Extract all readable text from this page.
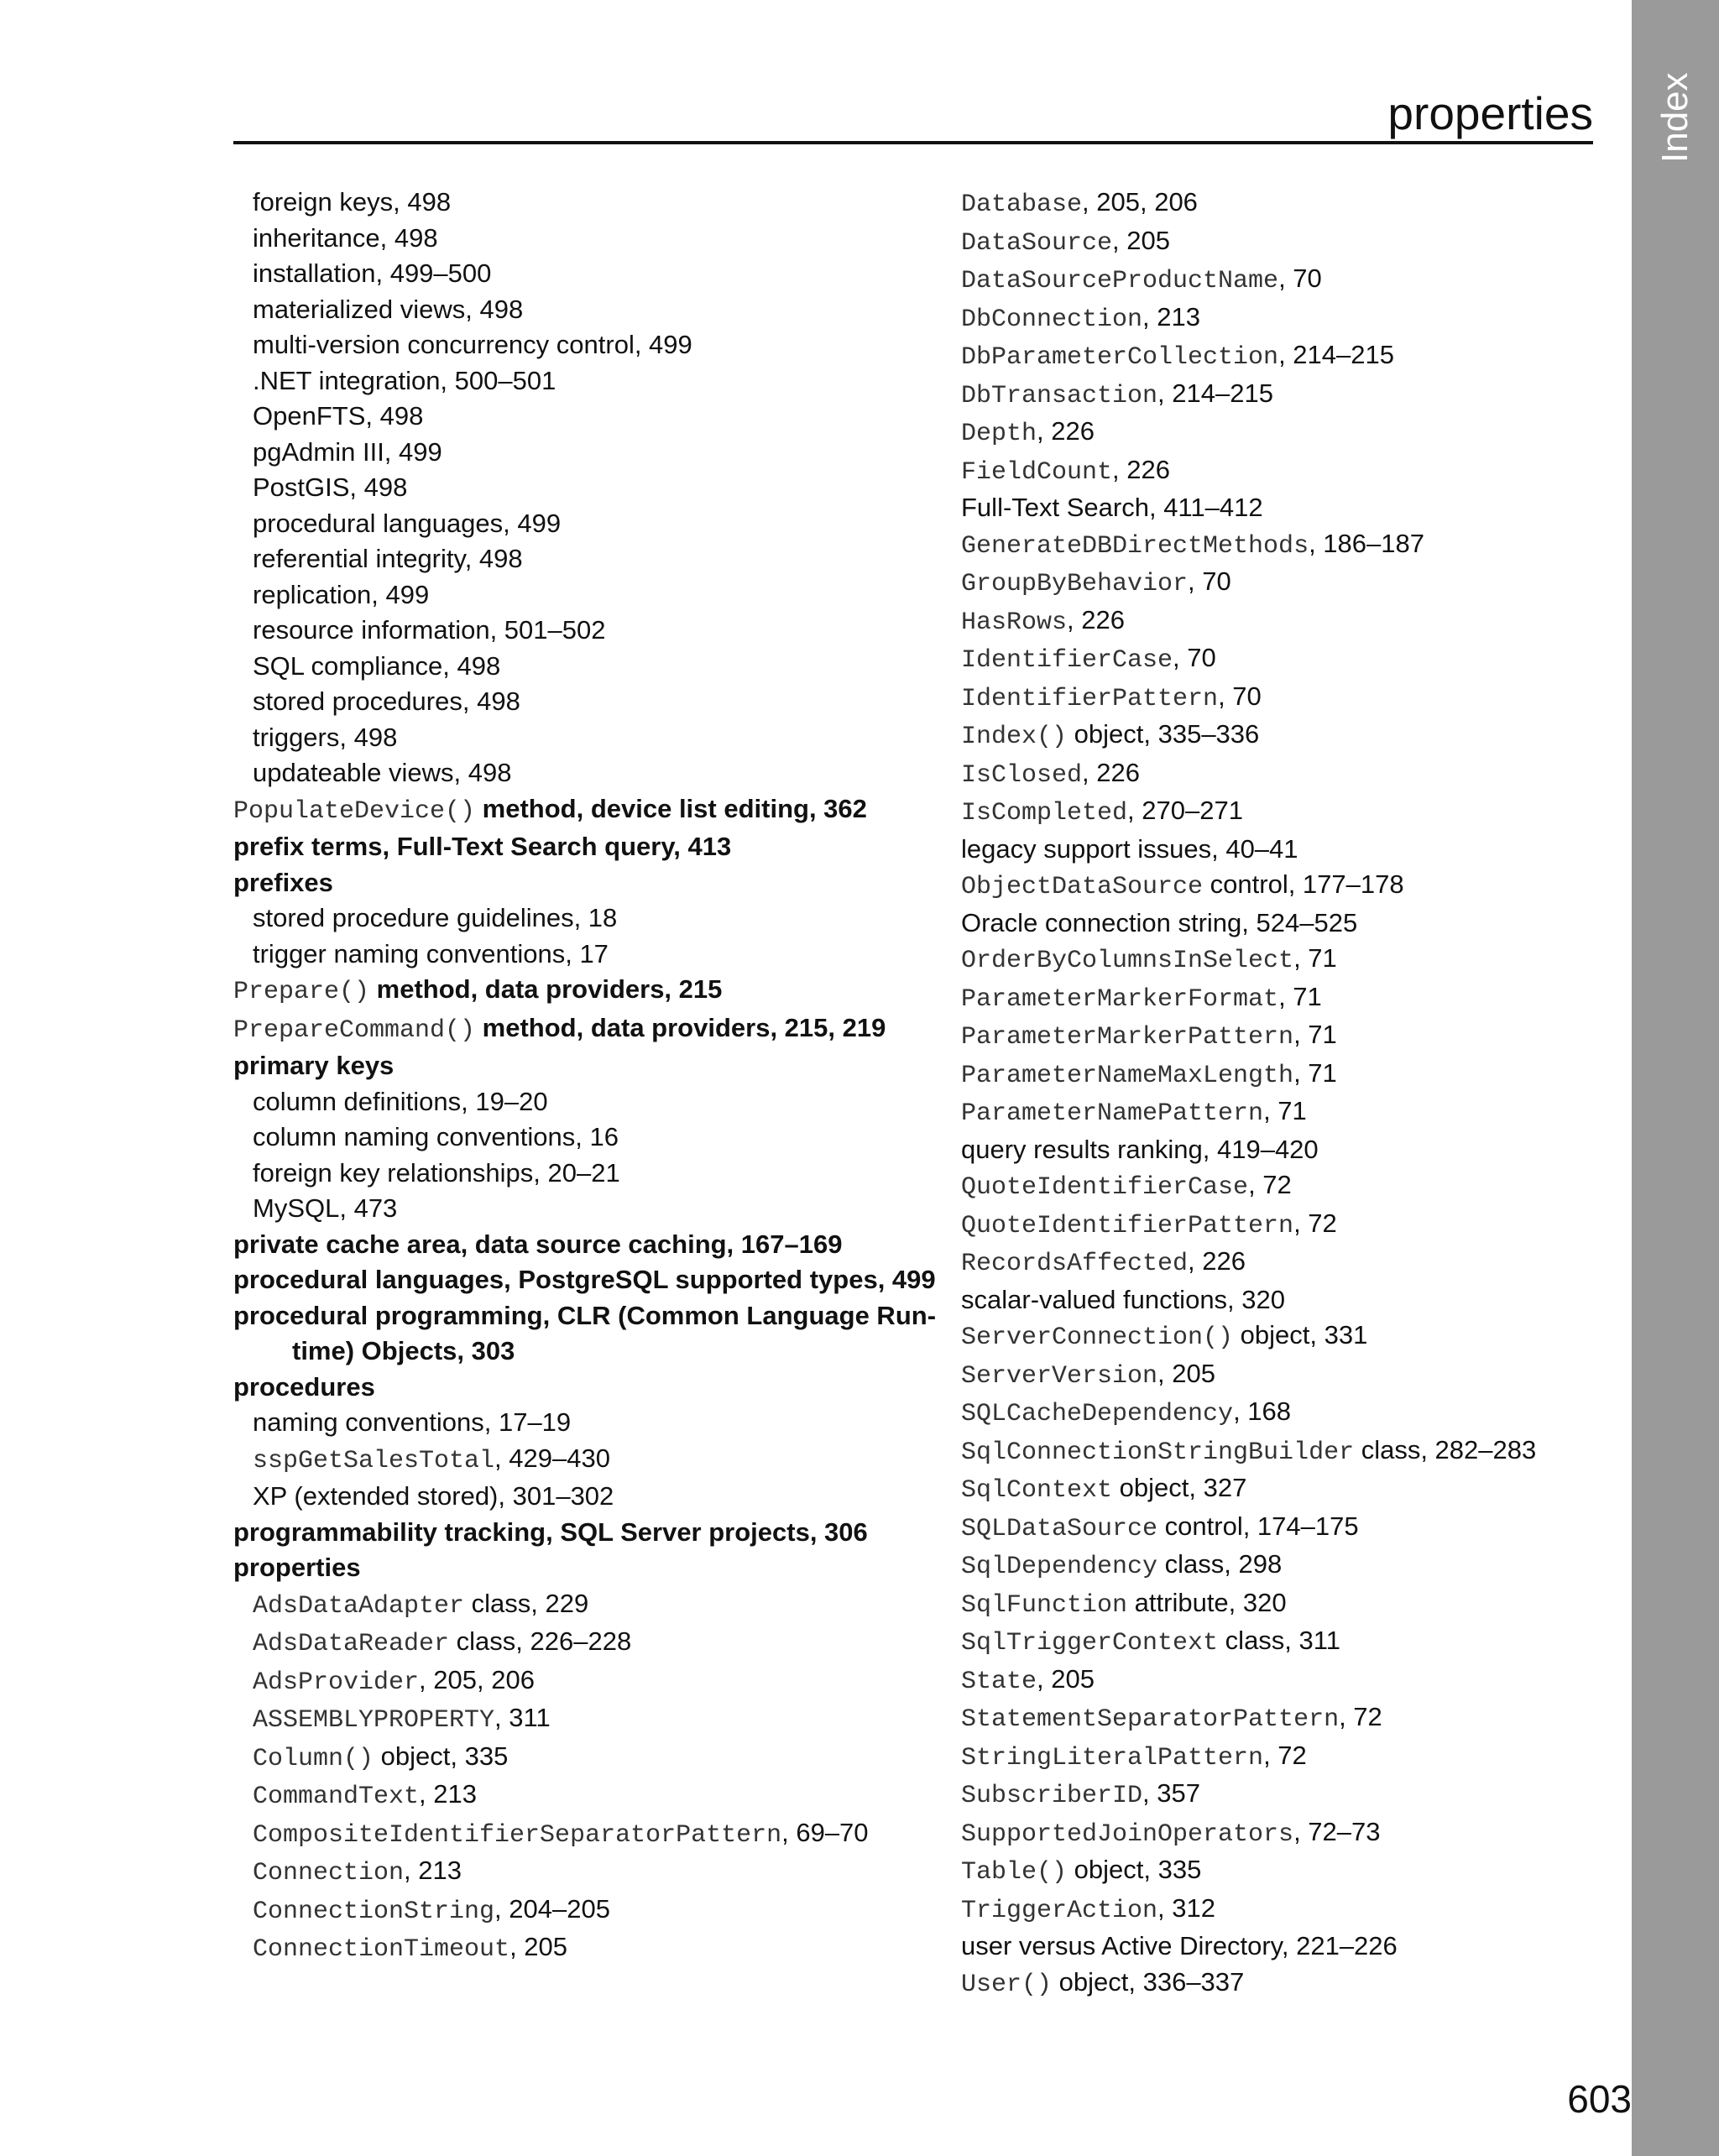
Index
properties
foreign keys, 498
inheritance, 498
installation, 499–500
materialized views, 498
multi-version concurrency control, 499
.NET integration, 500–501
OpenFTS, 498
pgAdmin III, 499
PostGIS, 498
procedural languages, 499
referential integrity, 498
replication, 499
resource information, 501–502
SQL compliance, 498
stored procedures, 498
triggers, 498
updateable views, 498
PopulateDevice() method, device list editing, 362
prefix terms, Full-Text Search query, 413
prefixes
stored procedure guidelines, 18
trigger naming conventions, 17
Prepare() method, data providers, 215
PrepareCommand() method, data providers, 215, 219
primary keys
column definitions, 19–20
column naming conventions, 16
foreign key relationships, 20–21
MySQL, 473
private cache area, data source caching, 167–169
procedural languages, PostgreSQL supported types, 499
procedural programming, CLR (Common Language Run-
time) Objects, 303
procedures
naming conventions, 17–19
sspGetSalesTotal, 429–430
XP (extended stored), 301–302
programmability tracking, SQL Server projects, 306
properties
AdsDataAdapter class, 229
AdsDataReader class, 226–228
AdsProvider, 205, 206
ASSEMBLYPROPERTY, 311
Column() object, 335
CommandText, 213
CompositeIdentifierSeparatorPattern, 69–70
Connection, 213
ConnectionString, 204–205
ConnectionTimeout, 205
Database, 205, 206
DataSource, 205
DataSourceProductName, 70
DbConnection, 213
DbParameterCollection, 214–215
DbTransaction, 214–215
Depth, 226
FieldCount, 226
Full-Text Search, 411–412
GenerateDBDirectMethods, 186–187
GroupByBehavior, 70
HasRows, 226
IdentifierCase, 70
IdentifierPattern, 70
Index() object, 335–336
IsClosed, 226
IsCompleted, 270–271
legacy support issues, 40–41
ObjectDataSource control, 177–178
Oracle connection string, 524–525
OrderByColumnsInSelect, 71
ParameterMarkerFormat, 71
ParameterMarkerPattern, 71
ParameterNameMaxLength, 71
ParameterNamePattern, 71
query results ranking, 419–420
QuoteIdentifierCase, 72
QuoteIdentifierPattern, 72
RecordsAffected, 226
scalar-valued functions, 320
ServerConnection() object, 331
ServerVersion, 205
SQLCacheDependency, 168
SqlConnectionStringBuilder class, 282–283
SqlContext object, 327
SQLDataSource control, 174–175
SqlDependency class, 298
SqlFunction attribute, 320
SqlTriggerContext class, 311
State, 205
StatementSeparatorPattern, 72
StringLiteralPattern, 72
SubscriberID, 357
SupportedJoinOperators, 72–73
Table() object, 335
TriggerAction, 312
user versus Active Directory, 221–226
User() object, 336–337
603
